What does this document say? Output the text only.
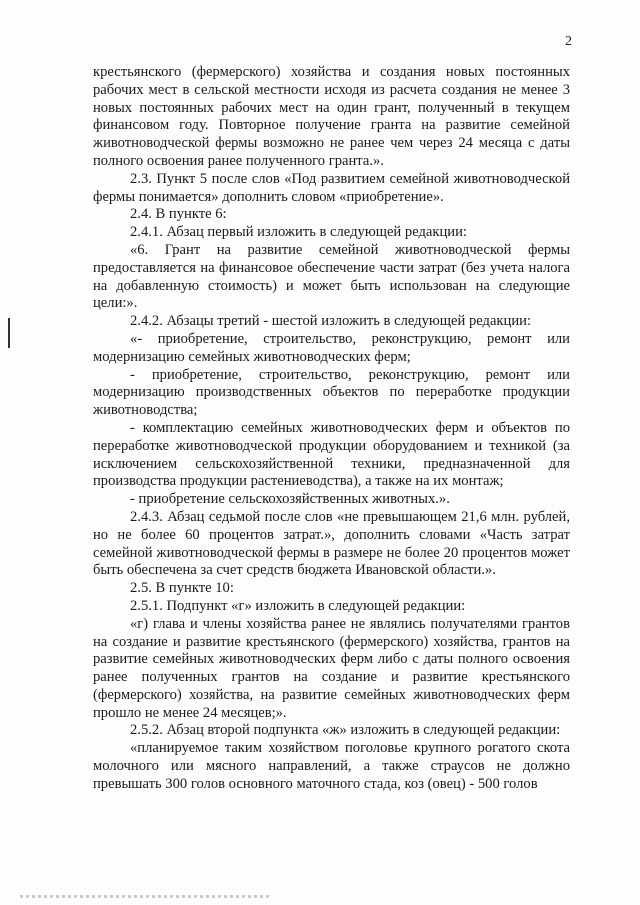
2

крестьянского (фермерского) хозяйства и создания новых постоянных рабочих мест в сельской местности исходя из расчета создания не менее 3 новых постоянных рабочих мест на один грант, полученный в текущем финансовом году. Повторное получение гранта на развитие семейной животноводческой фермы возможно не ранее чем через 24 месяца с даты полного освоения ранее полученного гранта.».

2.3. Пункт 5 после слов «Под развитием семейной животноводческой фермы понимается» дополнить словом «приобретение».

2.4. В пункте 6:

2.4.1. Абзац первый изложить в следующей редакции:

«6. Грант на развитие семейной животноводческой фермы предоставляется на финансовое обеспечение части затрат (без учета налога на добавленную стоимость) и может быть использован на следующие цели:».

2.4.2. Абзацы третий - шестой изложить в следующей редакции:

«- приобретение, строительство, реконструкцию, ремонт или модернизацию семейных животноводческих ферм;

- приобретение, строительство, реконструкцию, ремонт или модернизацию производственных объектов по переработке продукции животноводства;

- комплектацию семейных животноводческих ферм и объектов по переработке животноводческой продукции оборудованием и техникой (за исключением сельскохозяйственной техники, предназначенной для производства продукции растениеводства), а также на их монтаж;

- приобретение сельскохозяйственных животных.».

2.4.3. Абзац седьмой после слов «не превышающем 21,6 млн. рублей, но не более 60 процентов затрат.», дополнить словами «Часть затрат семейной животноводческой фермы в размере не более 20 процентов может быть обеспечена за счет средств бюджета Ивановской области.».

2.5. В пункте 10:

2.5.1. Подпункт «г» изложить в следующей редакции:

«г) глава и члены хозяйства ранее не являлись получателями грантов на создание и развитие крестьянского (фермерского) хозяйства, грантов на развитие семейных животноводческих ферм либо с даты полного освоения ранее полученных грантов на создание и развитие крестьянского (фермерского) хозяйства, на развитие семейных животноводческих ферм прошло не менее 24 месяцев;».

2.5.2. Абзац второй подпункта «ж» изложить в следующей редакции:

«планируемое таким хозяйством поголовье крупного рогатого скота молочного или мясного направлений, а также страусов не должно превышать 300 голов основного маточного стада, коз (овец) - 500 голов
